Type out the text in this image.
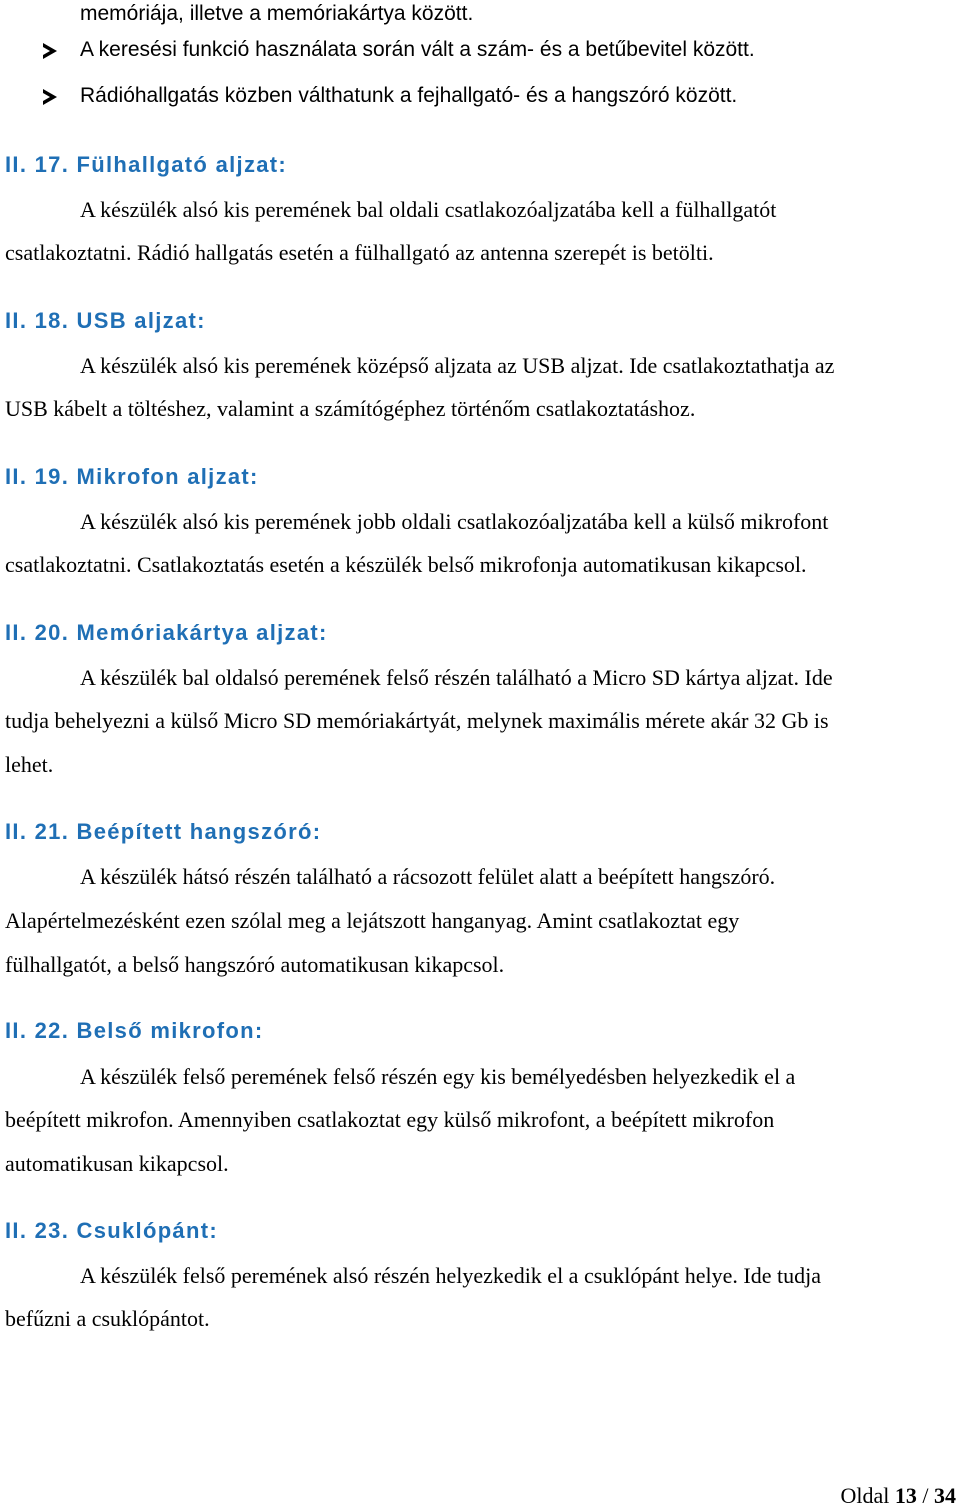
memóriája, illetve a memóriakártya között.
A keresési funkció használata során vált a szám- és a betűbevitel között.
Rádióhallgatás közben válthatunk a fejhallgató- és a hangszóró között.
II. 17. Fülhallgató aljzat:
A készülék alsó kis peremének bal oldali csatlakozóaljzatába kell a fülhallgatót
csatlakoztatni. Rádió hallgatás esetén a fülhallgató az antenna szerepét is betölti.
II. 18. USB aljzat:
A készülék alsó kis peremének középső aljzata az USB aljzat. Ide csatlakoztathatja az
USB kábelt a töltéshez, valamint a számítógéphez történőm csatlakoztatáshoz.
II. 19. Mikrofon aljzat:
A készülék alsó kis peremének jobb oldali csatlakozóaljzatába kell a külső mikrofont
csatlakoztatni. Csatlakoztatás esetén a készülék belső mikrofonja automatikusan kikapcsol.
II. 20. Memóriakártya aljzat:
A készülék bal oldalsó peremének felső részén található a Micro SD kártya aljzat. Ide
tudja behelyezni a külső Micro SD memóriakártyát, melynek maximális mérete akár 32 Gb is
lehet.
II. 21. Beépített hangszóró:
A készülék hátsó részén található a rácsozott felület alatt a beépített hangszóró.
Alapértelmezésként ezen szólal meg a lejátszott hanganyag. Amint csatlakoztat egy
fülhallgatót, a belső hangszóró automatikusan kikapcsol.
II. 22. Belső mikrofon:
A készülék felső peremének felső részén egy kis bemélyedésben helyezkedik el a
beépített mikrofon. Amennyiben csatlakoztat egy külső mikrofont, a beépített mikrofon
automatikusan kikapcsol.
II. 23. Csuklópánt:
A készülék felső peremének alsó részén helyezkedik el a csuklópánt helye. Ide tudja
befűzni a csuklópántot.
Oldal 13 / 34
